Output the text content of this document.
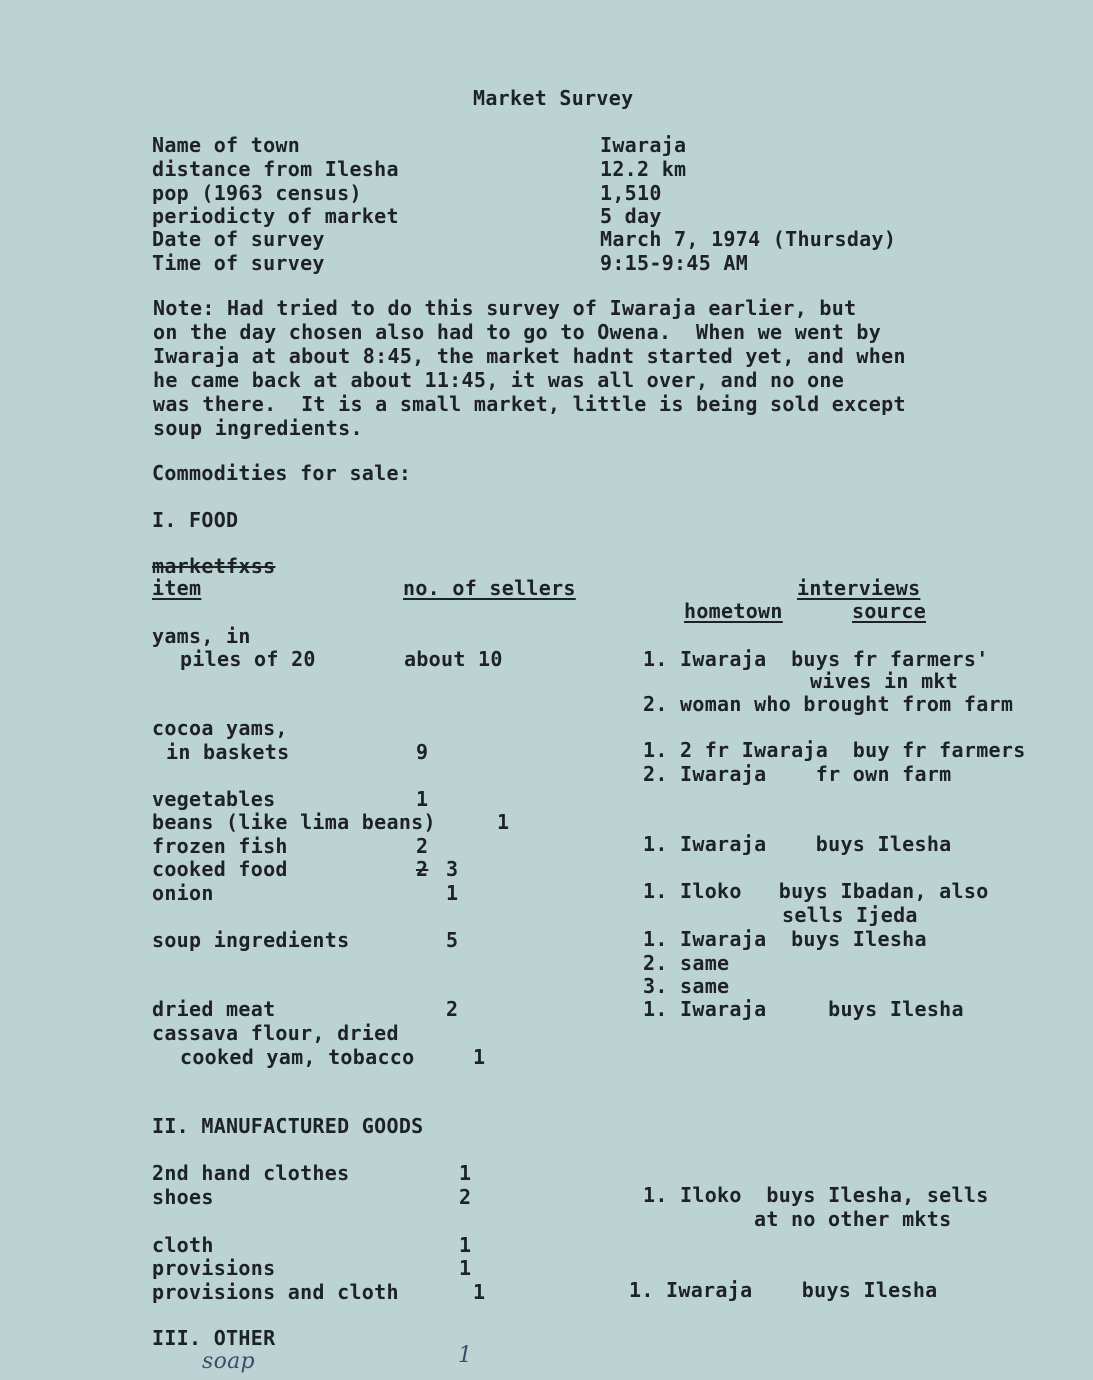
Market Survey
Name of town	Iwaraja
distance from Ilesha	12.2 km
pop (1963 census)	1,510
periodicty of market	5 day
Date of survey	March 7, 1974 (Thursday)
Time of survey	9:15-9:45 AM
Note: Had tried to do this survey of Iwaraja earlier, but
on the day chosen also had to go to Owena.  When we went by
Iwaraja at about 8:45, the market hadnt started yet, and when
he came back at about 11:45, it was all over, and no one
was there.  It is a small market, little is being sold except
soup ingredients.
Commodities for sale:
I. FOOD
marketfxss
item	no. of sellers	interviews
hometown	source
yams, in
piles of 20	about 10	1. Iwaraja  buys fr farmers'
wives in mkt
2. woman who brought from farm
cocoa yams,
in baskets	9	1. 2 fr Iwaraja  buy fr farmers
2. Iwaraja    fr own farm
vegetables	1
beans (like lima beans)	1
frozen fish	2	1. Iwaraja    buys Ilesha
cooked food	2 3
onion	1	1. Iloko   buys Ibadan, also
sells Ijeda
soup ingredients	5	1. Iwaraja  buys Ilesha
2. same
3. same
dried meat	2	1. Iwaraja     buys Ilesha
cassava flour, dried
cooked yam, tobacco	1
II. MANUFACTURED GOODS
2nd hand clothes	1
shoes	2	1. Iloko  buys Ilesha, sells
at no other mkts
cloth	1
provisions	1
provisions and cloth	1	1. Iwaraja    buys Ilesha
III. OTHER
soap	1
